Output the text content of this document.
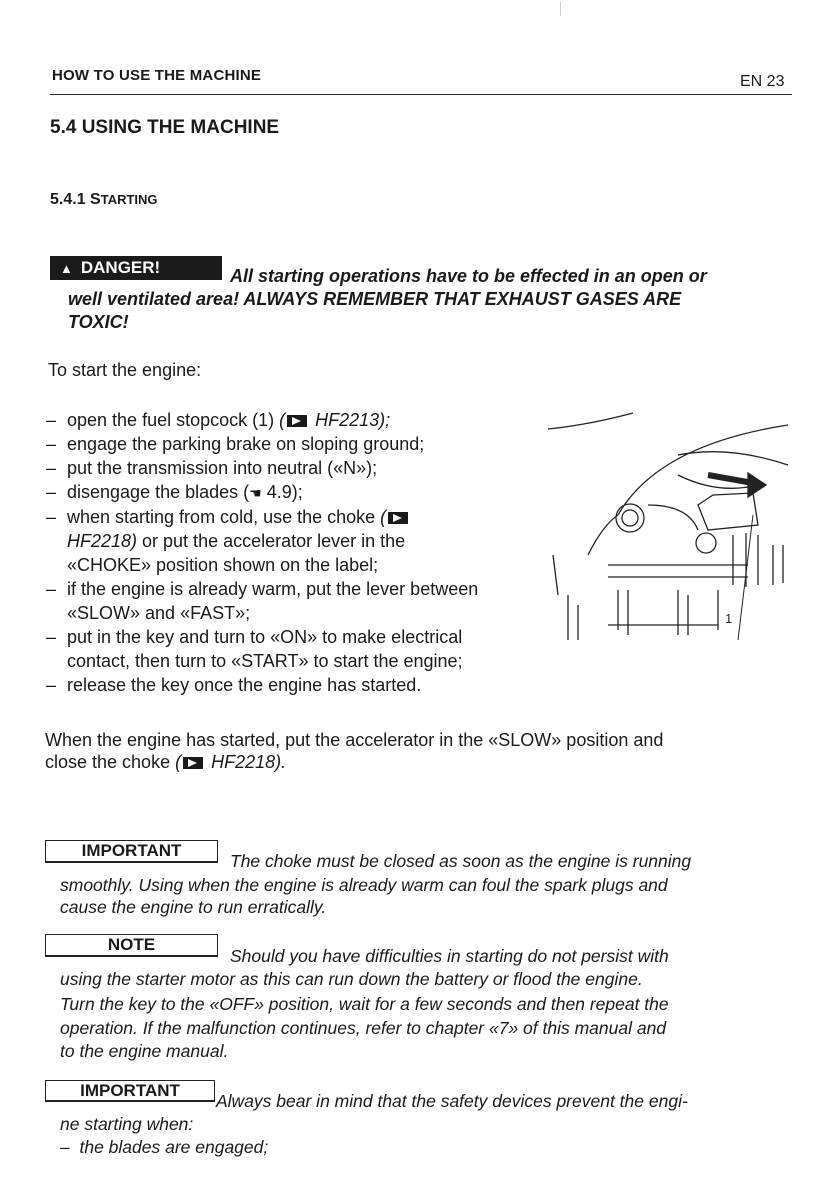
HOW TO USE THE MACHINE	EN 23
5.4 USING THE MACHINE
5.4.1 STARTING
▲ DANGER!	All starting operations have to be effected in an open or
well ventilated area! ALWAYS REMEMBER THAT EXHAUST GASES ARE
TOXIC!
To start the engine:
– open the fuel stopcock (1) ( HF2213);
– engage the parking brake on sloping ground;
– put the transmission into neutral («N»);
– disengage the blades (☚ 4.9);
– when starting from cold, use the choke (
HF2218) or put the accelerator lever in the
«CHOKE» position shown on the label;
– if the engine is already warm, put the lever between
«SLOW» and «FAST»;
– put in the key and turn to «ON» to make electrical
contact, then turn to «START» to start the engine;
– release the key once the engine has started.
1
When the engine has started, put the accelerator in the «SLOW» position and
close the choke ( HF2218).
IMPORTANT
The choke must be closed as soon as the engine is running
smoothly. Using when the engine is already warm can foul the spark plugs and
cause the engine to run erratically.
NOTE
Should you have difficulties in starting do not persist with
using the starter motor as this can run down the battery or flood the engine.
Turn the key to the «OFF» position, wait for a few seconds and then repeat the
operation. If the malfunction continues, refer to chapter «7» of this manual and
to the engine manual.
IMPORTANT
Always bear in mind that the safety devices prevent the engi-
ne starting when:
–  the blades are engaged;
